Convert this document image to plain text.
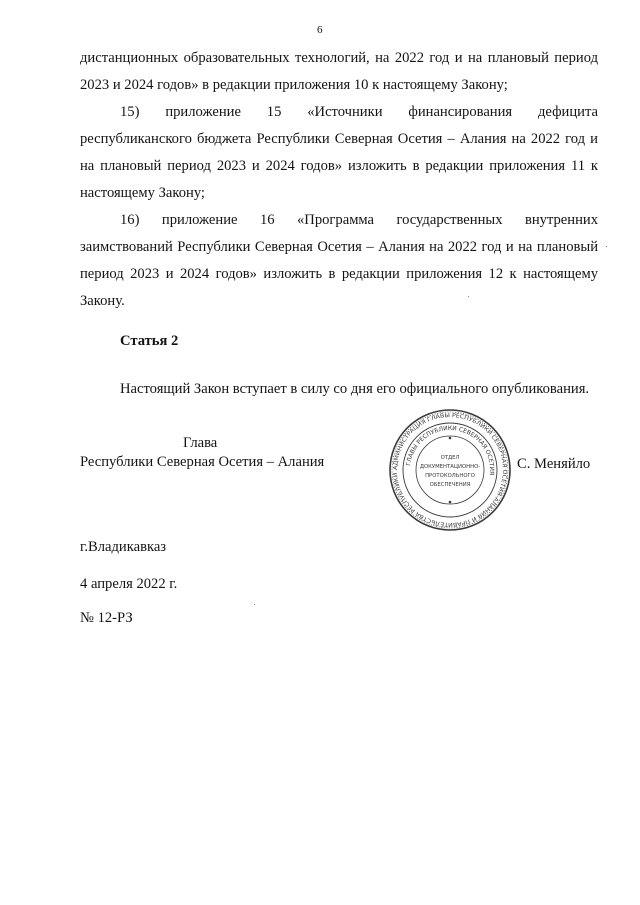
6

дистанционных образовательных технологий, на 2022 год и на плановый период
2023 и 2024 годов» в редакции приложения 10 к настоящему Закону;

15) приложение 15 «Источники финансирования дефицита
республиканского бюджета Республики Северная Осетия – Алания на 2022 год и
на плановый период 2023 и 2024 годов» изложить в редакции приложения 11 к
настоящему Закону;

16) приложение 16 «Программа государственных внутренних
заимствований Республики Северная Осетия – Алания на 2022 год и на плановый
период 2023 и 2024 годов» изложить в редакции приложения 12 к настоящему
Закону.

Статья 2
Настоящий Закон вступает в силу со дня его официального опубликования.
Глава
Республики Северная Осетия – Алания	АДМИНИСТРАЦИЯ ГЛАВЫ РЕСПУБЛИКИ СЕВЕРНАЯ ОСЕТИЯ-АЛАНИЯ И ПРАВИТЕЛЬСТВА РЕСПУБЛИКИ
ГЛАВЫ РЕСПУБЛИКИ СЕВЕРНАЯ ОСЕТИЯ
ОТДЕЛ
ДОКУМЕНТАЦИОННО-
ПРОТОКОЛЬНОГО
ОБЕСПЕЧЕНИЯ
С. Меняйло
г.Владикавказ
4 апреля 2022 г.
№ 12-РЗ
